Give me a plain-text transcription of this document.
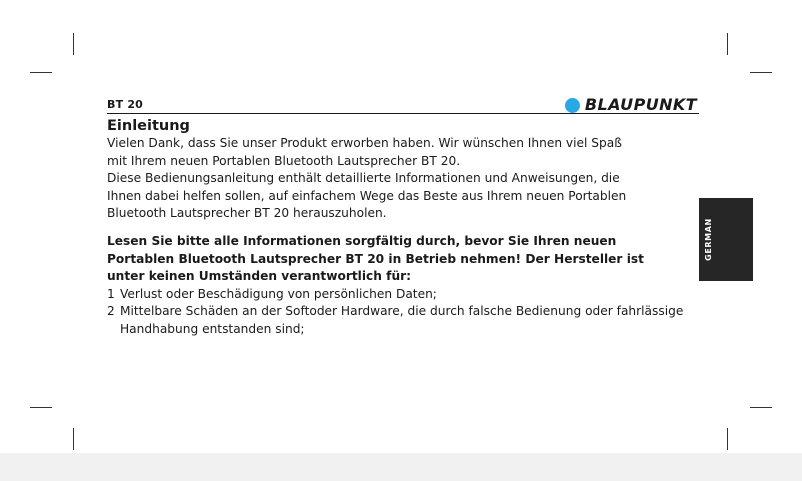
BT 20	BLAUPUNKT
Einleitung
Vielen Dank, dass Sie unser Produkt erworben haben. Wir wünschen Ihnen viel Spaß
mit Ihrem neuen Portablen Bluetooth Lautsprecher BT 20.
Diese Bedienungsanleitung enthält detaillierte Informationen und Anweisungen, die
Ihnen dabei helfen sollen, auf einfachem Wege das Beste aus Ihrem neuen Portablen
Bluetooth Lautsprecher BT 20 herauszuholen.
Lesen Sie bitte alle Informationen sorgfältig durch, bevor Sie Ihren neuen
Portablen Bluetooth Lautsprecher BT 20 in Betrieb nehmen! Der Hersteller ist
unter keinen Umständen verantwortlich für:
1 Verlust oder Beschädigung von persönlichen Daten;
2 Mittelbare Schäden an der Softoder Hardware, die durch falsche Bedienung oder fahrlässige Handhabung entstanden sind;
GERMAN
